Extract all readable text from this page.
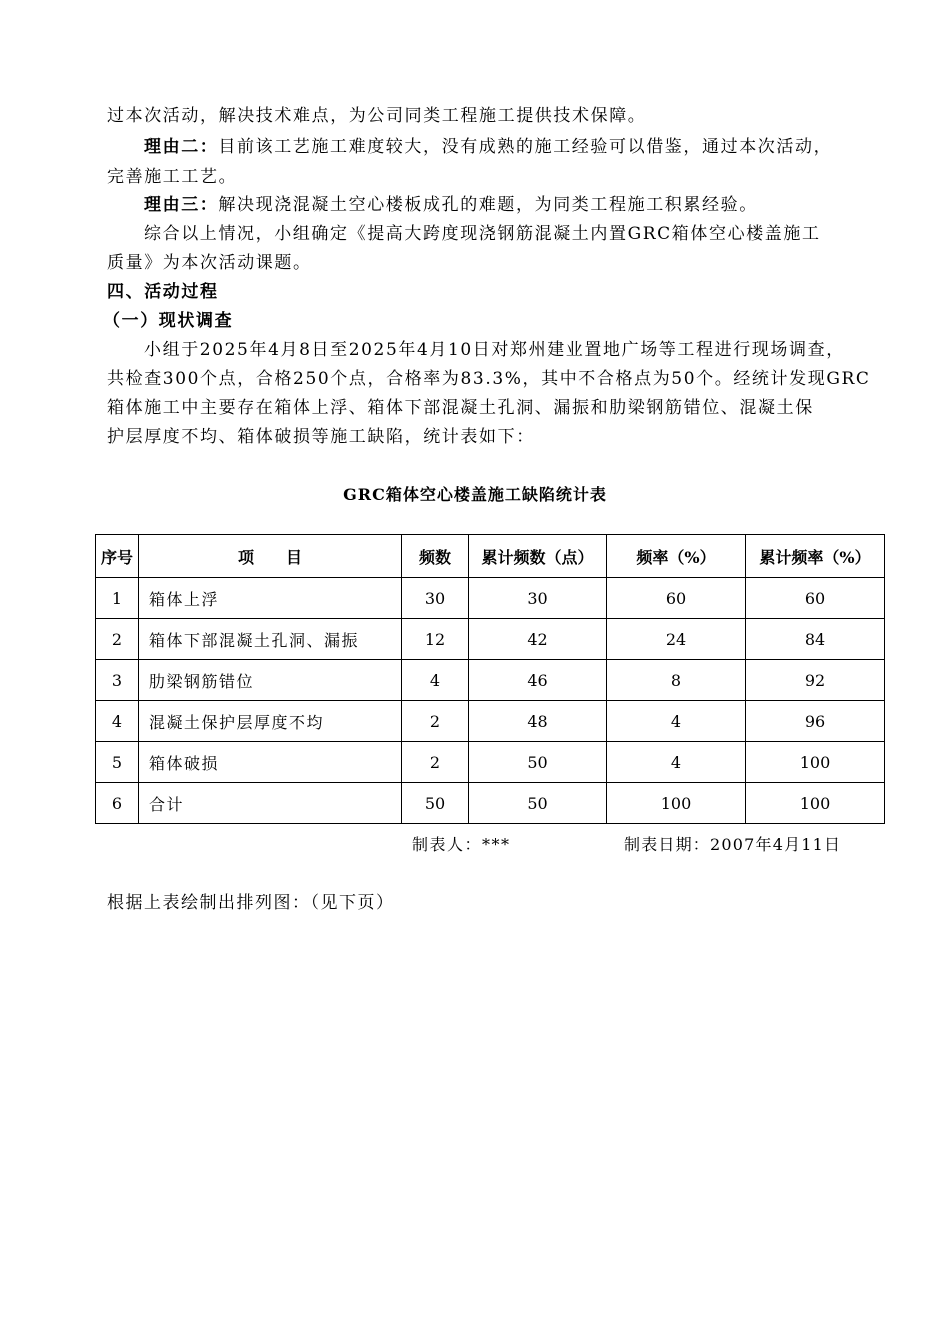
过本次活动，解决技术难点，为公司同类工程施工提供技术保障。
理由二：目前该工艺施工难度较大，没有成熟的施工经验可以借鉴，通过本次活动，
完善施工工艺。
理由三：解决现浇混凝土空心楼板成孔的难题，为同类工程施工积累经验。
综合以上情况，小组确定《提高大跨度现浇钢筋混凝土内置GRC箱体空心楼盖施工
质量》为本次活动课题。
四、活动过程
（一）现状调查
小组于2025年4月8日至2025年4月10日对郑州建业置地广场等工程进行现场调查，
共检查300个点，合格250个点，合格率为83.3%，其中不合格点为50个。经统计发现GRC
箱体施工中主要存在箱体上浮、箱体下部混凝土孔洞、漏振和肋梁钢筋错位、混凝土保
护层厚度不均、箱体破损等施工缺陷，统计表如下：
GRC箱体空心楼盖施工缺陷统计表
序号	项　　目	频数	累计频数（点）	频率（%）	累计频率（%）
1	箱体上浮	30	30	60	60
2	箱体下部混凝土孔洞、漏振	12	42	24	84
3	肋梁钢筋错位	4	46	8	92
4	混凝土保护层厚度不均	2	48	4	96
5	箱体破损	2	50	4	100
6	合计	50	50	100	100
制表人：***	制表日期：2007年4月11日
根据上表绘制出排列图：（见下页）
